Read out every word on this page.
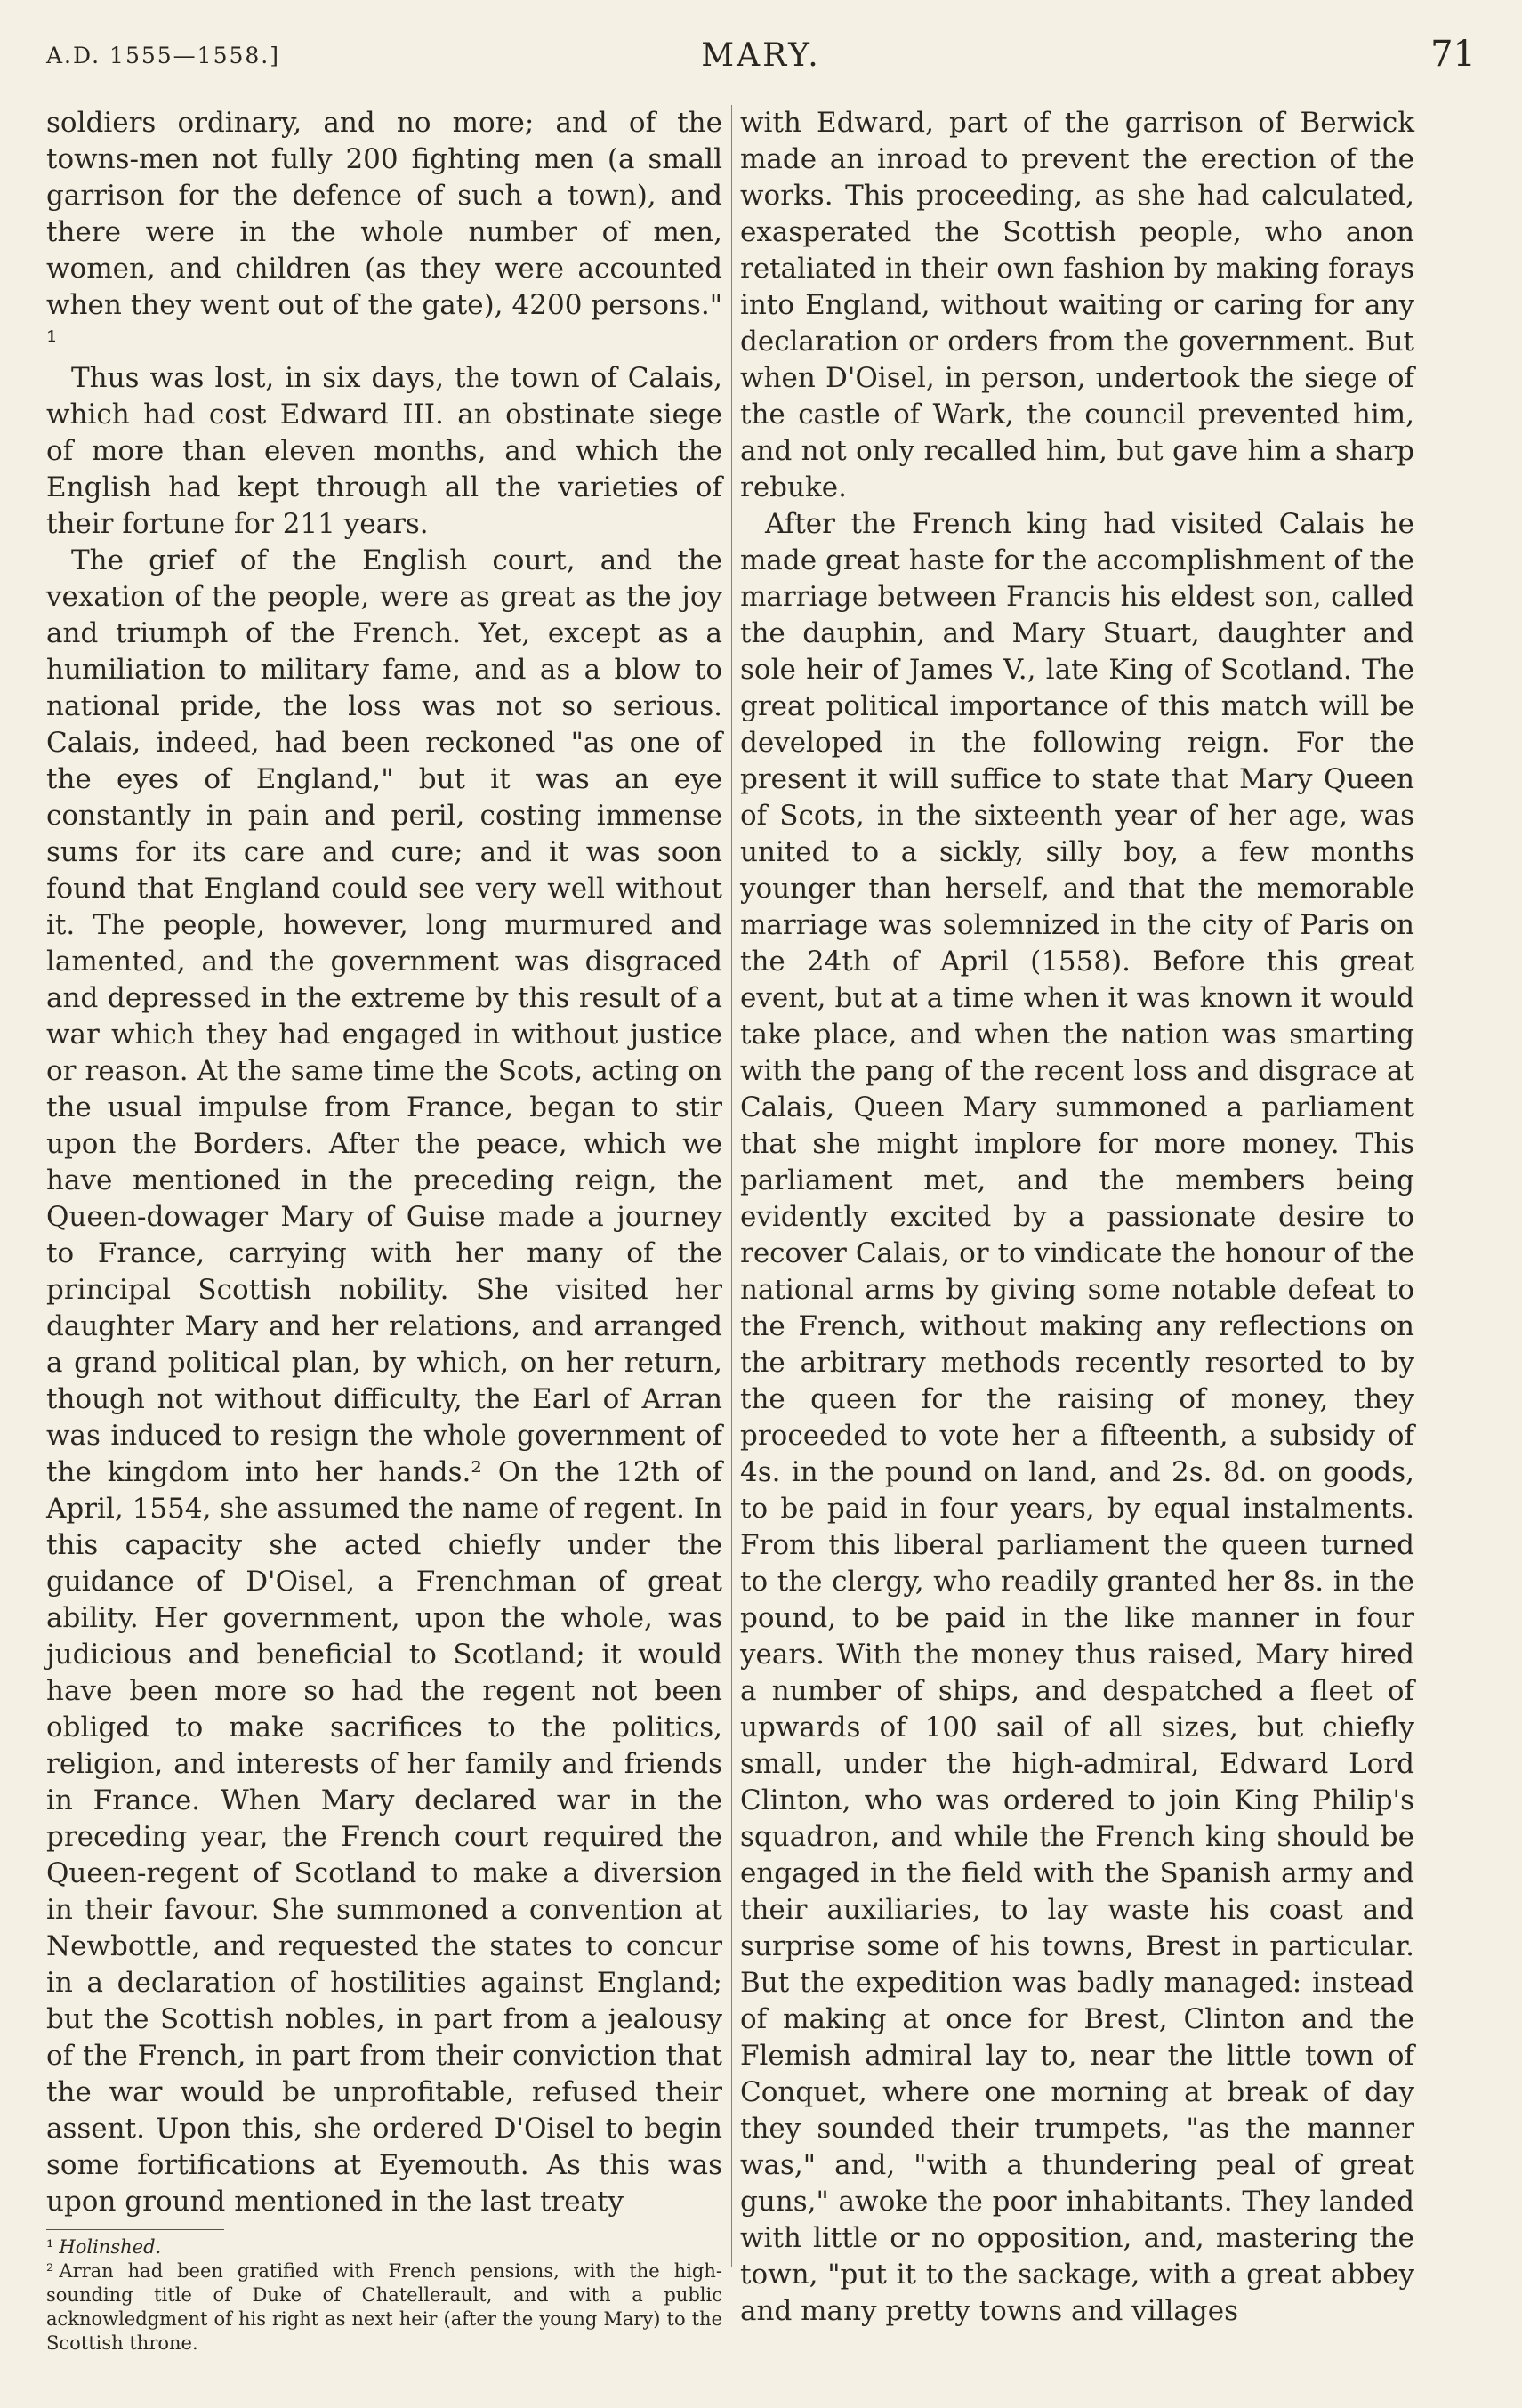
A.D. 1555—1558.]	MARY.	71

soldiers ordinary, and no more; and of the towns-men not fully 200 fighting men (a small garrison for the defence of such a town), and there were in the whole number of men, women, and children (as they were accounted when they went out of the gate), 4200 persons." ¹

Thus was lost, in six days, the town of Calais, which had cost Edward III. an obstinate siege of more than eleven months, and which the English had kept through all the varieties of their fortune for 211 years.

The grief of the English court, and the vexation of the people, were as great as the joy and triumph of the French. Yet, except as a humiliation to military fame, and as a blow to national pride, the loss was not so serious. Calais, indeed, had been reckoned "as one of the eyes of England," but it was an eye constantly in pain and peril, costing immense sums for its care and cure; and it was soon found that England could see very well without it. The people, however, long murmured and lamented, and the government was disgraced and depressed in the extreme by this result of a war which they had engaged in without justice or reason. At the same time the Scots, acting on the usual impulse from France, began to stir upon the Borders. After the peace, which we have mentioned in the preceding reign, the Queen-dowager Mary of Guise made a journey to France, carrying with her many of the principal Scottish nobility. She visited her daughter Mary and her relations, and arranged a grand political plan, by which, on her return, though not without difficulty, the Earl of Arran was induced to resign the whole government of the kingdom into her hands.² On the 12th of April, 1554, she assumed the name of regent. In this capacity she acted chiefly under the guidance of D'Oisel, a Frenchman of great ability. Her government, upon the whole, was judicious and beneficial to Scotland; it would have been more so had the regent not been obliged to make sacrifices to the politics, religion, and interests of her family and friends in France. When Mary declared war in the preceding year, the French court required the Queen-regent of Scotland to make a diversion in their favour. She summoned a convention at Newbottle, and requested the states to concur in a declaration of hostilities against England; but the Scottish nobles, in part from a jealousy of the French, in part from their conviction that the war would be unprofitable, refused their assent. Upon this, she ordered D'Oisel to begin some fortifications at Eyemouth. As this was upon ground mentioned in the last treaty

¹ Holinshed.
² Arran had been gratified with French pensions, with the high-sounding title of Duke of Chatellerault, and with a public acknowledgment of his right as next heir (after the young Mary) to the Scottish throne.

with Edward, part of the garrison of Berwick made an inroad to prevent the erection of the works. This proceeding, as she had calculated, exasperated the Scottish people, who anon retaliated in their own fashion by making forays into England, without waiting or caring for any declaration or orders from the government. But when D'Oisel, in person, undertook the siege of the castle of Wark, the council prevented him, and not only recalled him, but gave him a sharp rebuke.

After the French king had visited Calais he made great haste for the accomplishment of the marriage between Francis his eldest son, called the dauphin, and Mary Stuart, daughter and sole heir of James V., late King of Scotland. The great political importance of this match will be developed in the following reign. For the present it will suffice to state that Mary Queen of Scots, in the sixteenth year of her age, was united to a sickly, silly boy, a few months younger than herself, and that the memorable marriage was solemnized in the city of Paris on the 24th of April (1558). Before this great event, but at a time when it was known it would take place, and when the nation was smarting with the pang of the recent loss and disgrace at Calais, Queen Mary summoned a parliament that she might implore for more money. This parliament met, and the members being evidently excited by a passionate desire to recover Calais, or to vindicate the honour of the national arms by giving some notable defeat to the French, without making any reflections on the arbitrary methods recently resorted to by the queen for the raising of money, they proceeded to vote her a fifteenth, a subsidy of 4s. in the pound on land, and 2s. 8d. on goods, to be paid in four years, by equal instalments. From this liberal parliament the queen turned to the clergy, who readily granted her 8s. in the pound, to be paid in the like manner in four years. With the money thus raised, Mary hired a number of ships, and despatched a fleet of upwards of 100 sail of all sizes, but chiefly small, under the high-admiral, Edward Lord Clinton, who was ordered to join King Philip's squadron, and while the French king should be engaged in the field with the Spanish army and their auxiliaries, to lay waste his coast and surprise some of his towns, Brest in particular. But the expedition was badly managed: instead of making at once for Brest, Clinton and the Flemish admiral lay to, near the little town of Conquet, where one morning at break of day they sounded their trumpets, "as the manner was," and, "with a thundering peal of great guns," awoke the poor inhabitants. They landed with little or no opposition, and, mastering the town, "put it to the sackage, with a great abbey and many pretty towns and villages
